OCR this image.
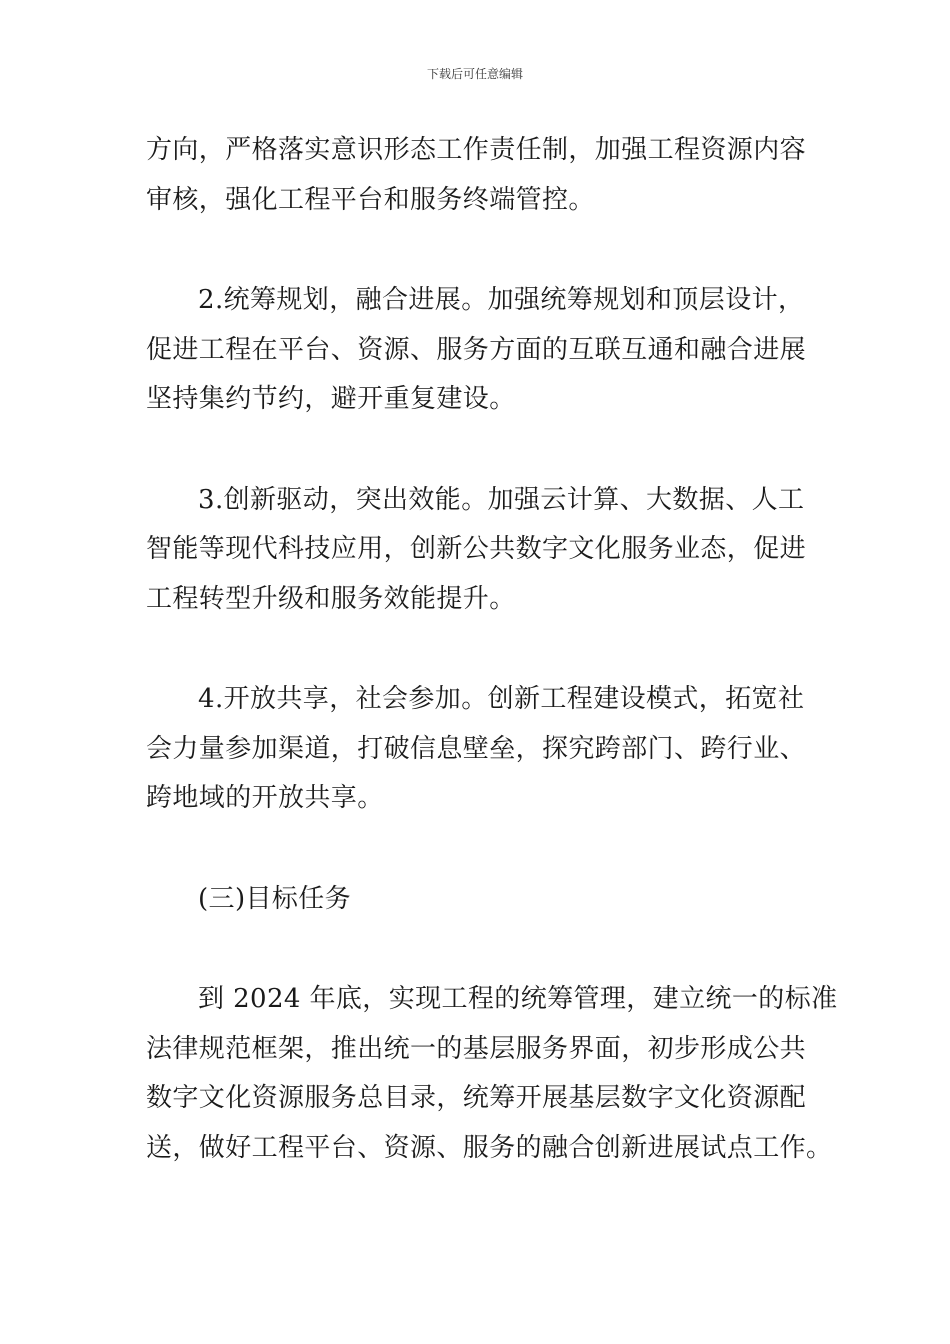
下载后可任意编辑

方向，严格落实意识形态工作责任制，加强工程资源内容
审核，强化工程平台和服务终端管控。

2.统筹规划，融合进展。加强统筹规划和顶层设计，
促进工程在平台、资源、服务方面的互联互通和融合进展
坚持集约节约，避开重复建设。

3.创新驱动，突出效能。加强云计算、大数据、人工
智能等现代科技应用，创新公共数字文化服务业态，促进
工程转型升级和服务效能提升。

4.开放共享，社会参加。创新工程建设模式，拓宽社
会力量参加渠道，打破信息壁垒，探究跨部门、跨行业、
跨地域的开放共享。

(三)目标任务

到 2024 年底，实现工程的统筹管理，建立统一的标准
法律规范框架，推出统一的基层服务界面，初步形成公共
数字文化资源服务总目录，统筹开展基层数字文化资源配
送，做好工程平台、资源、服务的融合创新进展试点工作。
